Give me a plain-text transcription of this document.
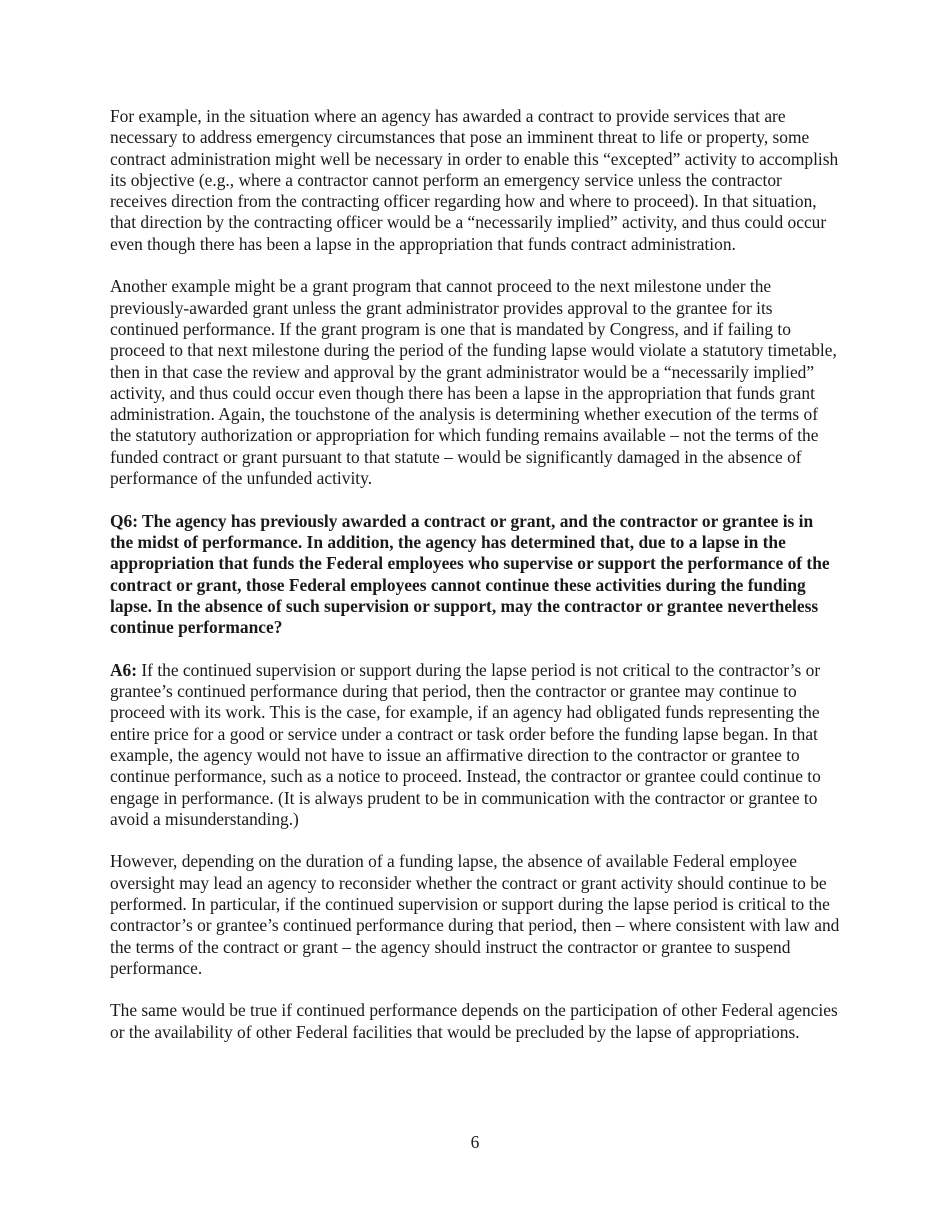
For example, in the situation where an agency has awarded a contract to provide services that are necessary to address emergency circumstances that pose an imminent threat to life or property, some contract administration might well be necessary in order to enable this “excepted” activity to accomplish its objective (e.g., where a contractor cannot perform an emergency service unless the contractor receives direction from the contracting officer regarding how and where to proceed). In that situation, that direction by the contracting officer would be a “necessarily implied” activity, and thus could occur even though there has been a lapse in the appropriation that funds contract administration.

Another example might be a grant program that cannot proceed to the next milestone under the previously-awarded grant unless the grant administrator provides approval to the grantee for its continued performance. If the grant program is one that is mandated by Congress, and if failing to proceed to that next milestone during the period of the funding lapse would violate a statutory timetable, then in that case the review and approval by the grant administrator would be a “necessarily implied” activity, and thus could occur even though there has been a lapse in the appropriation that funds grant administration. Again, the touchstone of the analysis is determining whether execution of the terms of the statutory authorization or appropriation for which funding remains available – not the terms of the funded contract or grant pursuant to that statute – would be significantly damaged in the absence of performance of the unfunded activity.

Q6: The agency has previously awarded a contract or grant, and the contractor or grantee is in the midst of performance. In addition, the agency has determined that, due to a lapse in the appropriation that funds the Federal employees who supervise or support the performance of the contract or grant, those Federal employees cannot continue these activities during the funding lapse. In the absence of such supervision or support, may the contractor or grantee nevertheless continue performance?

A6: If the continued supervision or support during the lapse period is not critical to the contractor’s or grantee’s continued performance during that period, then the contractor or grantee may continue to proceed with its work. This is the case, for example, if an agency had obligated funds representing the entire price for a good or service under a contract or task order before the funding lapse began. In that example, the agency would not have to issue an affirmative direction to the contractor or grantee to continue performance, such as a notice to proceed. Instead, the contractor or grantee could continue to engage in performance. (It is always prudent to be in communication with the contractor or grantee to avoid a misunderstanding.)

However, depending on the duration of a funding lapse, the absence of available Federal employee oversight may lead an agency to reconsider whether the contract or grant activity should continue to be performed. In particular, if the continued supervision or support during the lapse period is critical to the contractor’s or grantee’s continued performance during that period, then – where consistent with law and the terms of the contract or grant – the agency should instruct the contractor or grantee to suspend performance.

The same would be true if continued performance depends on the participation of other Federal agencies or the availability of other Federal facilities that would be precluded by the lapse of appropriations.

6
